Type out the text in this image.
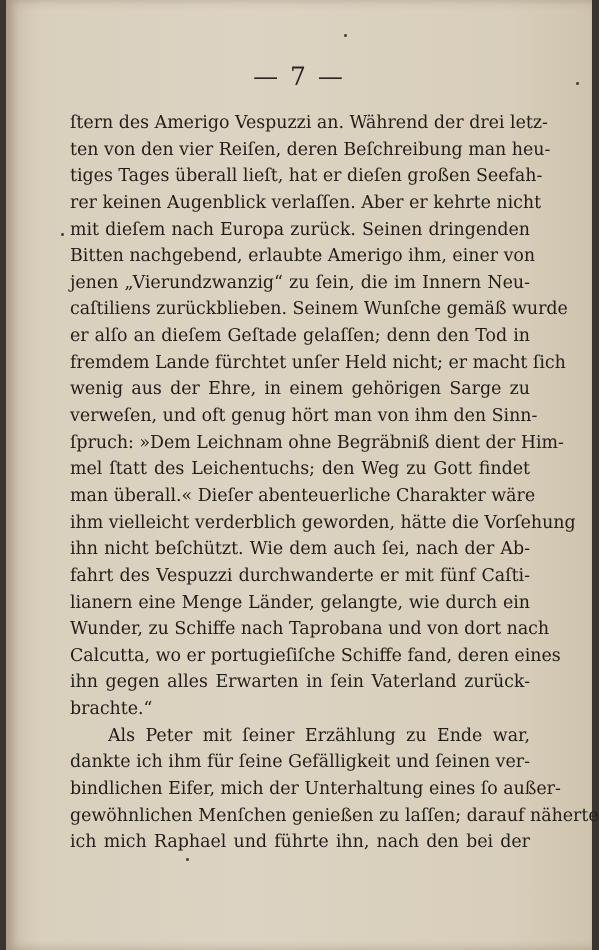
— 7 —
ſtern des Amerigo Vespuzzi an. Während der drei letz-
ten von den vier Reiſen, deren Beſchreibung man heu-
tiges Tages überall lieſt, hat er dieſen großen Seefah-
rer keinen Augenblick verlaſſen. Aber er kehrte nicht
mit dieſem nach Europa zurück. Seinen dringenden
Bitten nachgebend, erlaubte Amerigo ihm, einer von
jenen „Vierundzwanzig“ zu ſein, die im Innern Neu-
caſtiliens zurückblieben. Seinem Wunſche gemäß wurde
er alſo an dieſem Geſtade gelaſſen; denn den Tod in
fremdem Lande fürchtet unſer Held nicht; er macht ſich
wenig aus der Ehre, in einem gehörigen Sarge zu
verweſen, und oft genug hört man von ihm den Sinn-
ſpruch: »Dem Leichnam ohne Begräbniß dient der Him-
mel ſtatt des Leichentuchs; den Weg zu Gott findet
man überall.« Dieſer abenteuerliche Charakter wäre
ihm vielleicht verderblich geworden, hätte die Vorſehung
ihn nicht beſchützt. Wie dem auch ſei, nach der Ab-
fahrt des Vespuzzi durchwanderte er mit fünf Caſti-
lianern eine Menge Länder, gelangte, wie durch ein
Wunder, zu Schiffe nach Taprobana und von dort nach
Calcutta, wo er portugieſiſche Schiffe fand, deren eines
ihn gegen alles Erwarten in ſein Vaterland zurück-
brachte.“
Als Peter mit ſeiner Erzählung zu Ende war,
dankte ich ihm für ſeine Gefälligkeit und ſeinen ver-
bindlichen Eifer, mich der Unterhaltung eines ſo außer-
gewöhnlichen Menſchen genießen zu laſſen; darauf näherte
ich mich Raphael und führte ihn, nach den bei der
